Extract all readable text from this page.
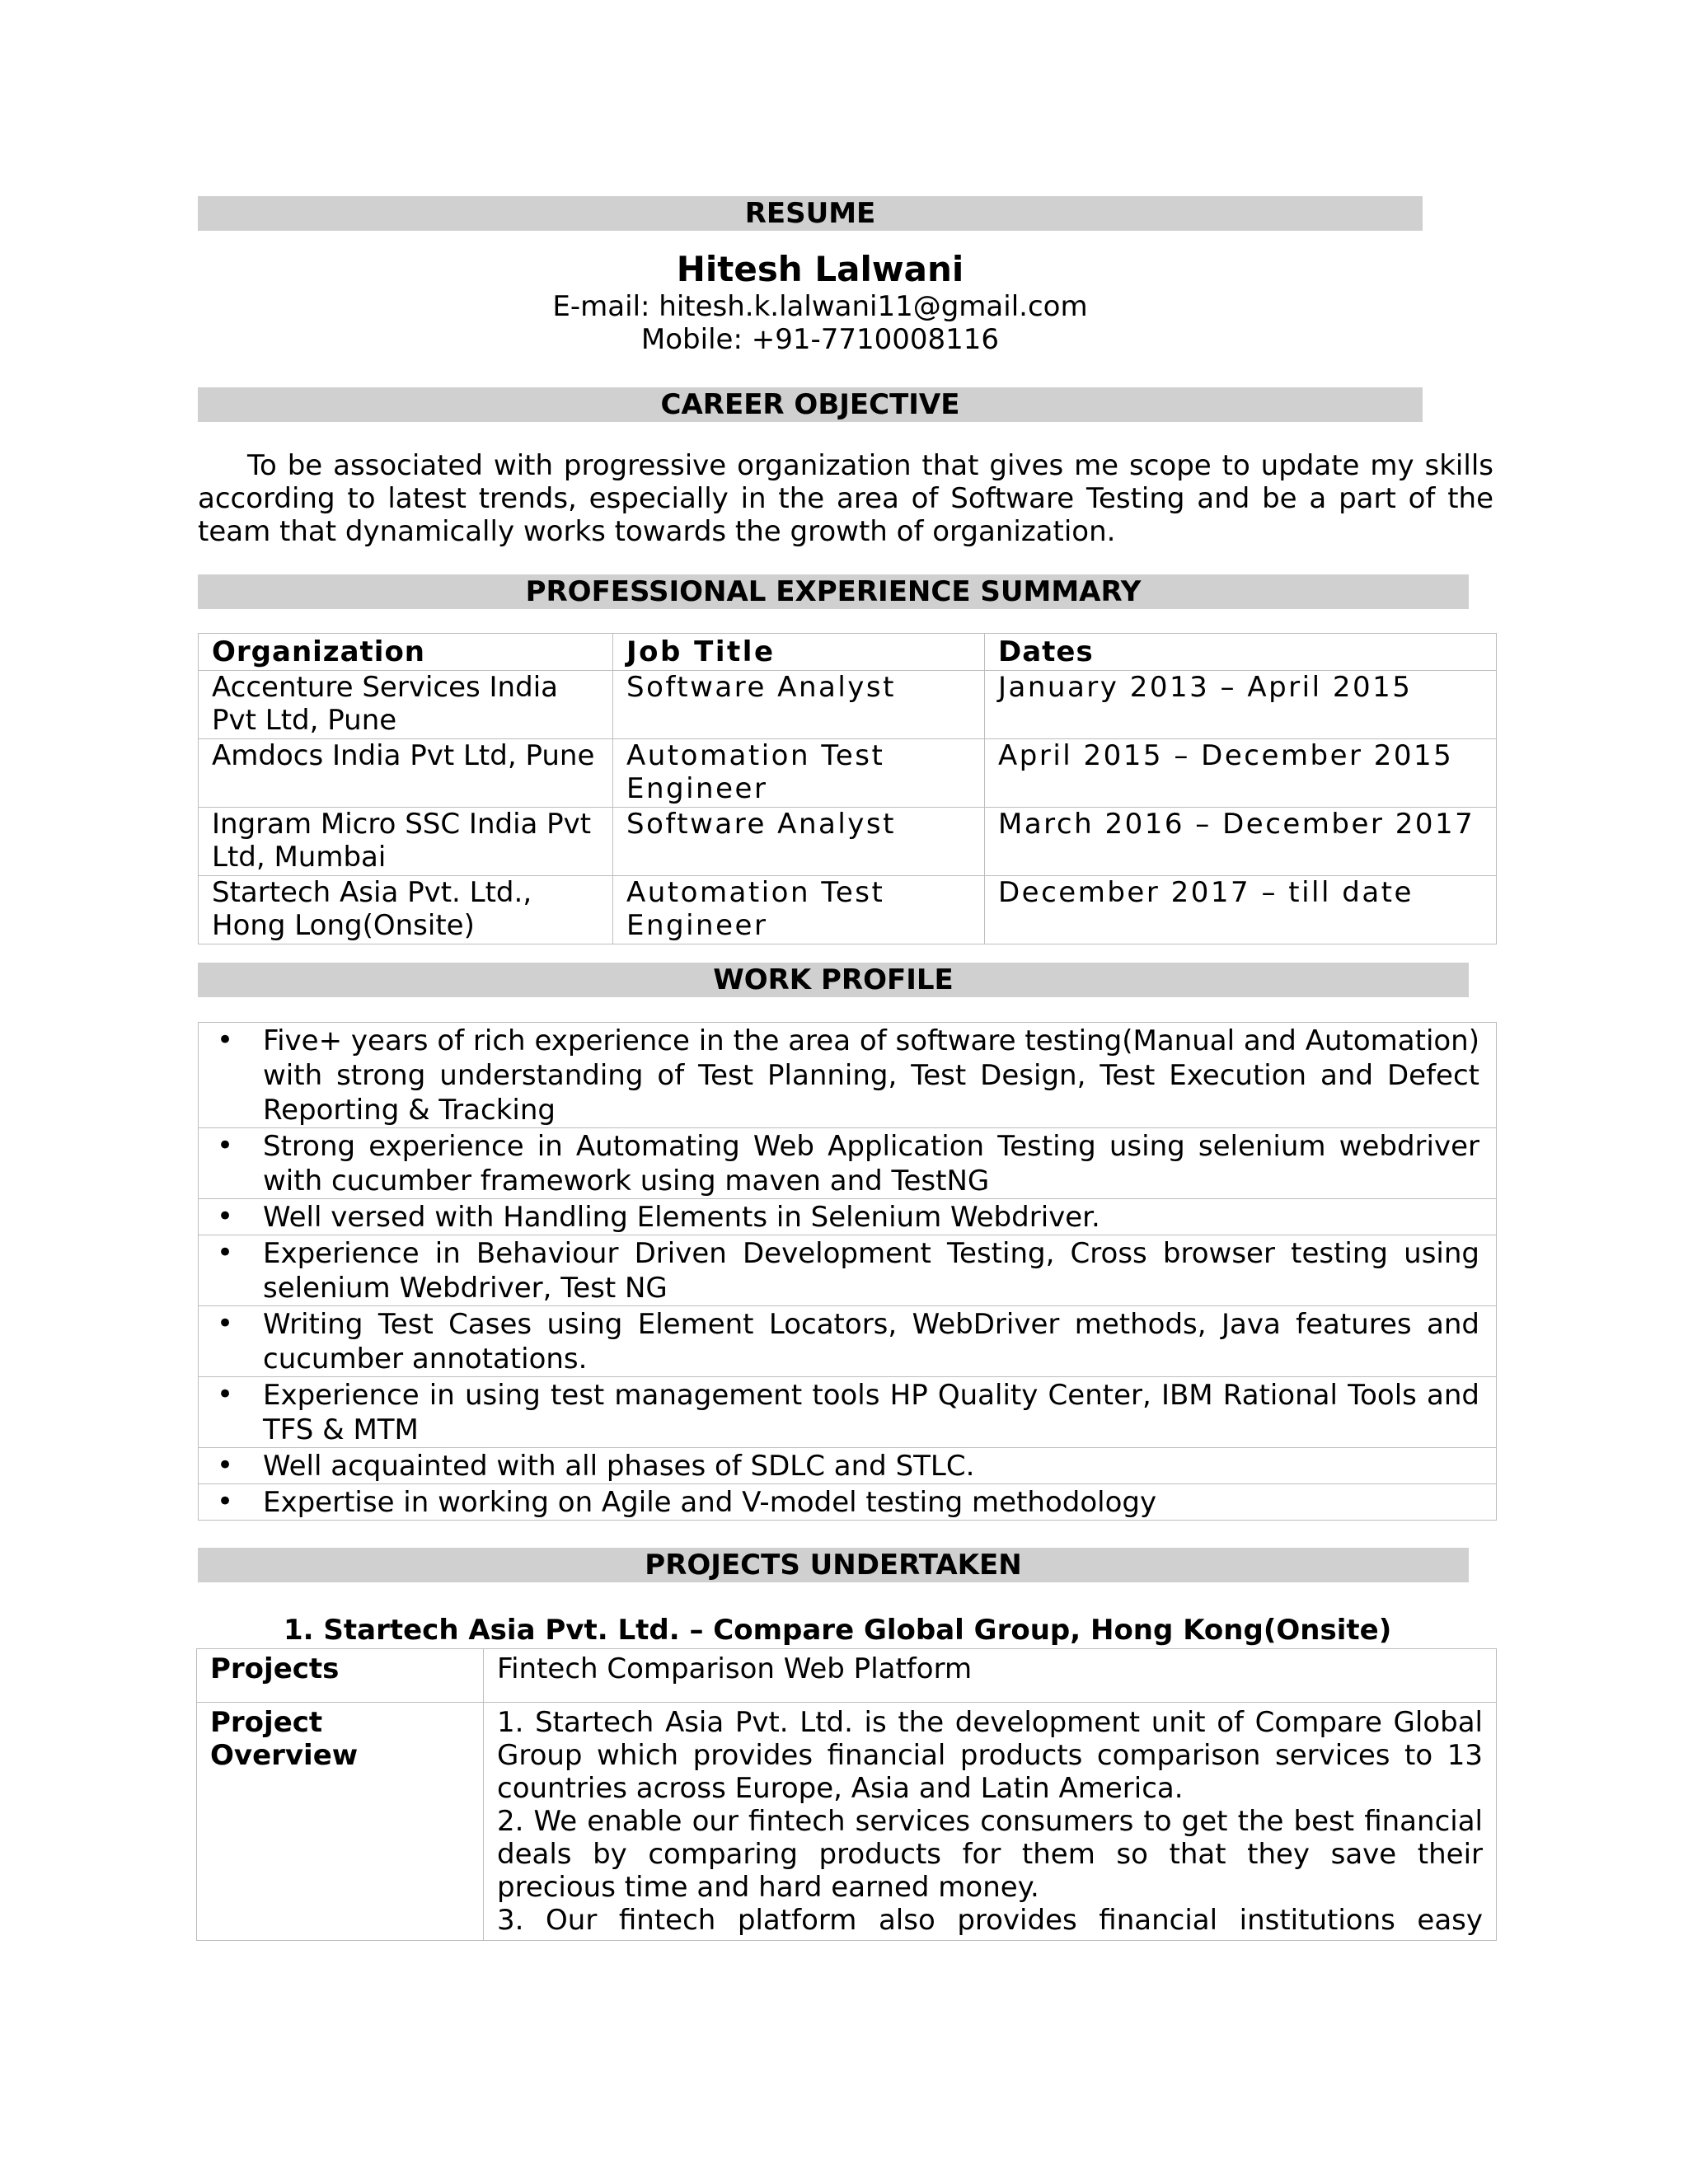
RESUME
Hitesh Lalwani
E-mail: hitesh.k.lalwani11@gmail.com
Mobile: +91-7710008116
CAREER OBJECTIVE

To be associated with progressive organization that gives me scope to update my skills according to latest trends, especially in the area of Software Testing and be a part of the team that dynamically works towards the growth of organization.

PROFESSIONAL EXPERIENCE SUMMARY
Organization	Job Title	Dates
Accenture Services India Pvt Ltd, Pune	Software Analyst	January 2013 – April 2015
Amdocs India Pvt Ltd, Pune	Automation Test Engineer	April 2015 – December 2015
Ingram Micro SSC India Pvt Ltd, Mumbai	Software Analyst	March 2016 – December 2017
Startech Asia Pvt. Ltd., Hong Long(Onsite)	Automation Test Engineer	December 2017 – till date
WORK PROFILE
• Five+ years of rich experience in the area of software testing(Manual and Automation) with strong understanding of Test Planning, Test Design, Test Execution and Defect Reporting & Tracking

• Strong experience in Automating Web Application Testing using selenium webdriver with cucumber framework using maven and TestNG

• Well versed with Handling Elements in Selenium Webdriver.

• Experience in Behaviour Driven Development Testing, Cross browser testing using selenium Webdriver, Test NG

• Writing Test Cases using Element Locators, WebDriver methods, Java features and cucumber annotations.

• Experience in using test management tools HP Quality Center, IBM Rational Tools and TFS & MTM

• Well acquainted with all phases of SDLC and STLC.

• Expertise in working on Agile and V-model testing methodology
PROJECTS UNDERTAKEN
1. Startech Asia Pvt. Ltd. – Compare Global Group, Hong Kong(Onsite)
Projects	Fintech Comparison Web Platform
Project Overview	1. Startech Asia Pvt. Ltd. is the development unit of Compare Global Group which provides financial products comparison services to 13 countries across Europe, Asia and Latin America.
2. We enable our fintech services consumers to get the best financial deals by comparing products for them so that they save their precious time and hard earned money.
3. Our fintech platform also provides financial institutions easy
